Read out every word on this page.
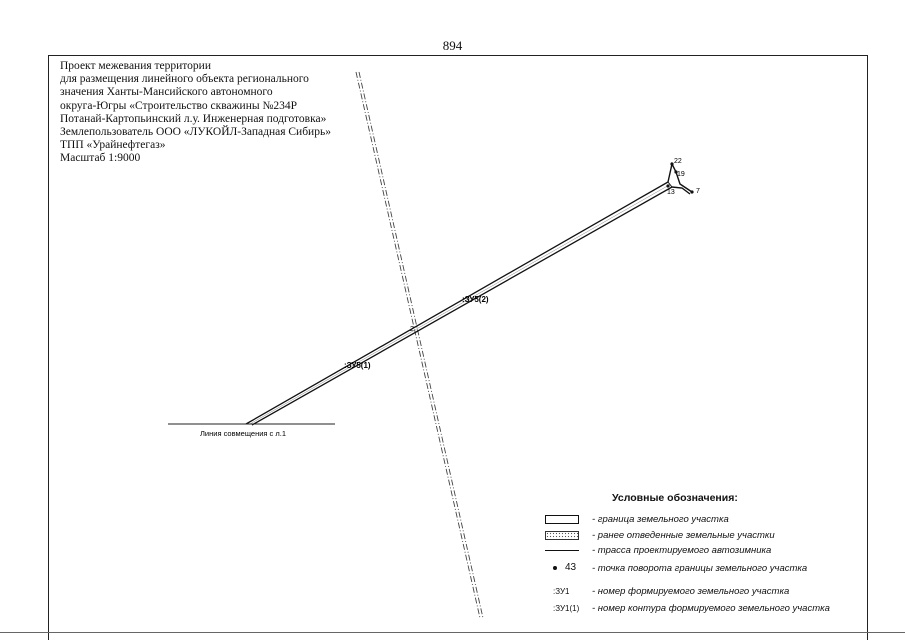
894
Проект межевания территории
для размещения линейного объекта регионального
значения Ханты-Мансийского автономного
округа-Югры «Строительство скважины №234Р
Потанай-Картопьинский л.у. Инженерная подготовка»
Землепользователь ООО «ЛУКОЙЛ-Западная Сибирь»
ТПП «Урайнефтегаз»
Масштаб 1:9000
Линия совмещения с л.1
:ЗУ5(1)
:ЗУ5(2)
2
22
19
13	7
Условные обозначения:
- граница земельного участка
- ранее отведенные земельные участки
- трасса проектируемого автозимника
43 - точка поворота границы земельного участка
:ЗУ1 - номер формируемого земельного участка
:ЗУ1(1) - номер контура формируемого земельного участка
